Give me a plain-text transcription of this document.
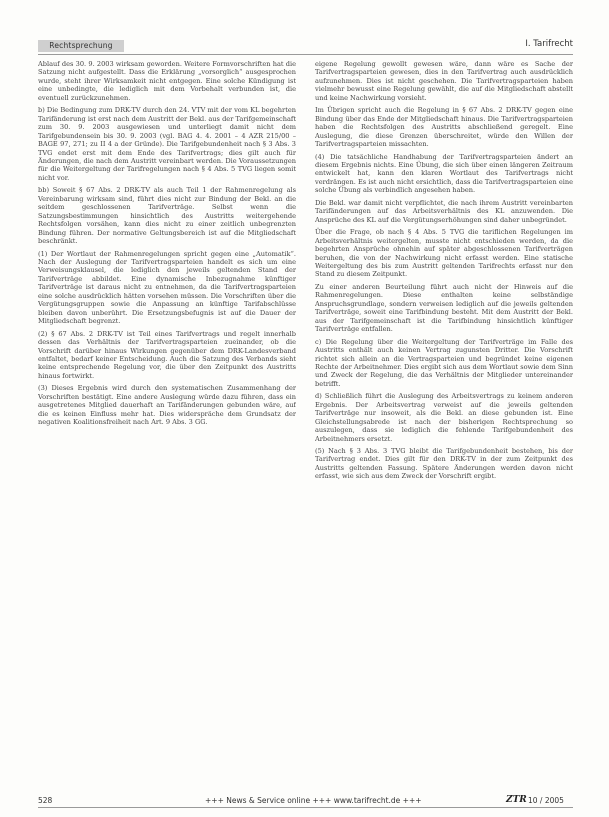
Rechtsprechung	I. Tarifrecht

Ablauf des 30. 9. 2003 wirksam geworden. Weitere Formvorschriften hat die Satzung nicht aufgestellt. Dass die Erklärung „vorsorglich“ ausgesprochen wurde, steht ihrer Wirksamkeit nicht entgegen. Eine solche Kündigung ist eine unbedingte, die lediglich mit dem Vorbehalt verbunden ist, die eventuell zurückzunehmen.

b) Die Bedingung zum DRK-TV durch den 24. VTV mit der vom KL begehrten Tarifänderung ist erst nach dem Austritt der Bekl. aus der Tarifgemeinschaft zum 30. 9. 2003 ausgewiesen und unterliegt damit nicht dem Tarifgebundensein bis 30. 9. 2003 (vgl. BAG 4. 4. 2001 – 4 AZR 215/00 – BAGE 97, 271; zu II 4 a der Gründe). Die Tarifgebundenheit nach § 3 Abs. 3 TVG endet erst mit dem Ende des Tarifvertrags; dies gilt auch für Änderungen, die nach dem Austritt vereinbart werden. Die Voraussetzungen für die Weitergeltung der Tarifregelungen nach § 4 Abs. 5 TVG liegen somit nicht vor.

bb) Soweit § 67 Abs. 2 DRK-TV als auch Teil 1 der Rahmenregelung als Vereinbarung wirksam sind, führt dies nicht zur Bindung der Bekl. an die seitdem geschlossenen Tarifverträge. Selbst wenn die Satzungsbestimmungen hinsichtlich des Austritts weitergehende Rechtsfolgen vorsähen, kann dies nicht zu einer zeitlich unbegrenzten Bindung führen. Der normative Geltungsbereich ist auf die Mitgliedschaft beschränkt.

(1) Der Wortlaut der Rahmenregelungen spricht gegen eine „Automatik“. Nach der Auslegung der Tarifvertragsparteien handelt es sich um eine Verweisungsklausel, die lediglich den jeweils geltenden Stand der Tarifverträge abbildet. Eine dynamische Inbezugnahme künftiger Tarifverträge ist daraus nicht zu entnehmen, da die Tarifvertragsparteien eine solche ausdrücklich hätten vorsehen müssen. Die Vorschriften über die Vergütungsgruppen sowie die Anpassung an künftige Tarifabschlüsse bleiben davon unberührt. Die Ersetzungsbefugnis ist auf die Dauer der Mitgliedschaft begrenzt.

(2) § 67 Abs. 2 DRK-TV ist Teil eines Tarifvertrags und regelt innerhalb dessen das Verhältnis der Tarifvertragsparteien zueinander, ob die Vorschrift darüber hinaus Wirkungen gegenüber dem DRK-Landesverband entfaltet, bedarf keiner Entscheidung. Auch die Satzung des Verbands sieht keine entsprechende Regelung vor, die über den Zeitpunkt des Austritts hinaus fortwirkt.

(3) Dieses Ergebnis wird durch den systematischen Zusammenhang der Vorschriften bestätigt. Eine andere Auslegung würde dazu führen, dass ein ausgetretenes Mitglied dauerhaft an Tarifänderungen gebunden wäre, auf die es keinen Einfluss mehr hat. Dies widerspräche dem Grundsatz der negativen Koalitionsfreiheit nach Art. 9 Abs. 3 GG.

eigene Regelung gewollt gewesen wäre, dann wäre es Sache der Tarifvertragsparteien gewesen, dies in den Tarifvertrag auch ausdrücklich aufzunehmen. Dies ist nicht geschehen. Die Tarifvertragsparteien haben vielmehr bewusst eine Regelung gewählt, die auf die Mitgliedschaft abstellt und keine Nachwirkung vorsieht.

Im Übrigen spricht auch die Regelung in § 67 Abs. 2 DRK-TV gegen eine Bindung über das Ende der Mitgliedschaft hinaus. Die Tarifvertragsparteien haben die Rechtsfolgen des Austritts abschließend geregelt. Eine Auslegung, die diese Grenzen überschreitet, würde den Willen der Tarifvertragsparteien missachten.

(4) Die tatsächliche Handhabung der Tarifvertragsparteien ändert an diesem Ergebnis nichts. Eine Übung, die sich über einen längeren Zeitraum entwickelt hat, kann den klaren Wortlaut des Tarifvertrags nicht verdrängen. Es ist auch nicht ersichtlich, dass die Tarifvertragsparteien eine solche Übung als verbindlich angesehen haben.

Die Bekl. war damit nicht verpflichtet, die nach ihrem Austritt vereinbarten Tarifänderungen auf das Arbeitsverhältnis des KL anzuwenden. Die Ansprüche des KL auf die Vergütungserhöhungen sind daher unbegründet.

Über die Frage, ob nach § 4 Abs. 5 TVG die tariflichen Regelungen im Arbeitsverhältnis weitergelten, musste nicht entschieden werden, da die begehrten Ansprüche ohnehin auf später abgeschlossenen Tarifverträgen beruhen, die von der Nachwirkung nicht erfasst werden. Eine statische Weitergeltung des bis zum Austritt geltenden Tarifrechts erfasst nur den Stand zu diesem Zeitpunkt.

Zu einer anderen Beurteilung führt auch nicht der Hinweis auf die Rahmenregelungen. Diese enthalten keine selbständige Anspruchsgrundlage, sondern verweisen lediglich auf die jeweils geltenden Tarifverträge, soweit eine Tarifbindung besteht. Mit dem Austritt der Bekl. aus der Tarifgemeinschaft ist die Tarifbindung hinsichtlich künftiger Tarifverträge entfallen.

c) Die Regelung über die Weitergeltung der Tarifverträge im Falle des Austritts enthält auch keinen Vertrag zugunsten Dritter. Die Vorschrift richtet sich allein an die Vertragsparteien und begründet keine eigenen Rechte der Arbeitnehmer. Dies ergibt sich aus dem Wortlaut sowie dem Sinn und Zweck der Regelung, die das Verhältnis der Mitglieder untereinander betrifft.

d) Schließlich führt die Auslegung des Arbeitsvertrags zu keinem anderen Ergebnis. Der Arbeitsvertrag verweist auf die jeweils geltenden Tarifverträge nur insoweit, als die Bekl. an diese gebunden ist. Eine Gleichstellungsabrede ist nach der bisherigen Rechtsprechung so auszulegen, dass sie lediglich die fehlende Tarifgebundenheit des Arbeitnehmers ersetzt.

(5) Nach § 3 Abs. 3 TVG bleibt die Tarifgebundenheit bestehen, bis der Tarifvertrag endet. Dies gilt für den DRK-TV in der zum Zeitpunkt des Austritts geltenden Fassung. Spätere Änderungen werden davon nicht erfasst, wie sich aus dem Zweck der Vorschrift ergibt.

528	+++ News & Service online +++ www.tarifrecht.de +++	ZTR 10 / 2005
